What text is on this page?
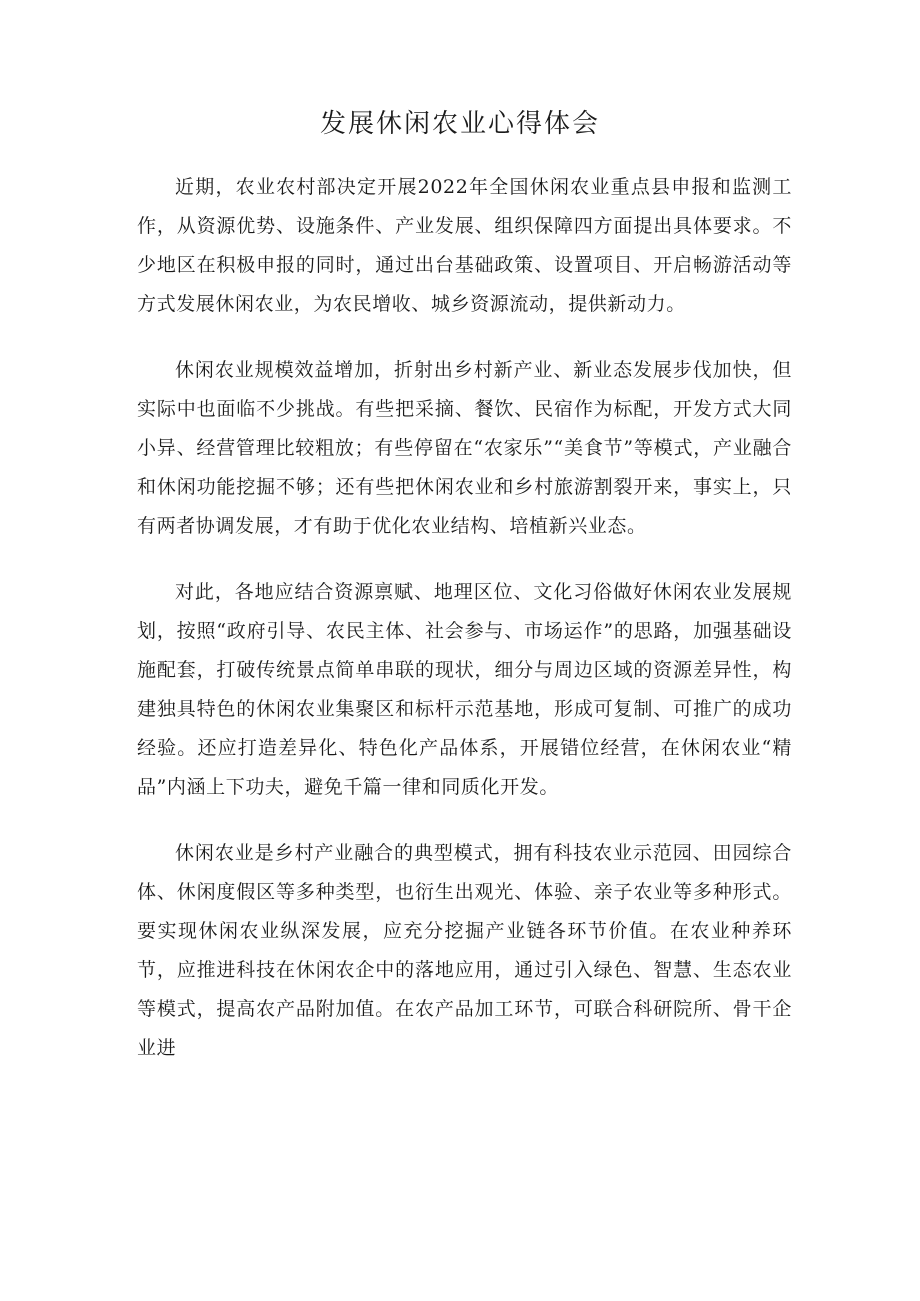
发展休闲农业心得体会

近期，农业农村部决定开展2022年全国休闲农业重点县申报和监测工作，从资源优势、设施条件、产业发展、组织保障四方面提出具体要求。不少地区在积极申报的同时，通过出台基础政策、设置项目、开启畅游活动等方式发展休闲农业，为农民增收、城乡资源流动，提供新动力。

休闲农业规模效益增加，折射出乡村新产业、新业态发展步伐加快，但实际中也面临不少挑战。有些把采摘、餐饮、民宿作为标配，开发方式大同小异、经营管理比较粗放；有些停留在“农家乐”“美食节”等模式，产业融合和休闲功能挖掘不够；还有些把休闲农业和乡村旅游割裂开来，事实上，只有两者协调发展，才有助于优化农业结构、培植新兴业态。

对此，各地应结合资源禀赋、地理区位、文化习俗做好休闲农业发展规划，按照“政府引导、农民主体、社会参与、市场运作”的思路，加强基础设施配套，打破传统景点简单串联的现状，细分与周边区域的资源差异性，构建独具特色的休闲农业集聚区和标杆示范基地，形成可复制、可推广的成功经验。还应打造差异化、特色化产品体系，开展错位经营，在休闲农业“精品”内涵上下功夫，避免千篇一律和同质化开发。

休闲农业是乡村产业融合的典型模式，拥有科技农业示范园、田园综合体、休闲度假区等多种类型，也衍生出观光、体验、亲子农业等多种形式。要实现休闲农业纵深发展，应充分挖掘产业链各环节价值。在农业种养环节，应推进科技在休闲农企中的落地应用，通过引入绿色、智慧、生态农业等模式，提高农产品附加值。在农产品加工环节，可联合科研院所、骨干企业进
